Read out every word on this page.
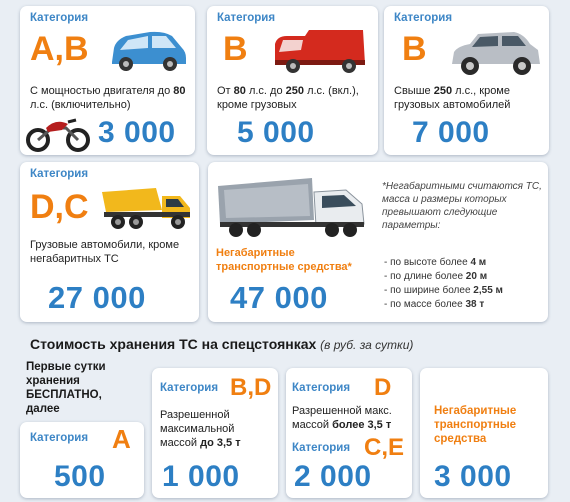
Категория
A,B
С мощностью двигателя до 80 л.с. (включительно)
3 000
Категория
B
От 80 л.с. до 250 л.с. (вкл.), кроме грузовых
5 000
Категория
B
Свыше 250 л.с., кроме грузовых автомобилей
7 000
Категория
D,C
Грузовые автомобили, кроме негабаритных ТС
27 000
Негабаритные транспортные средства*
47 000
*Негабаритными считаются ТС, масса и размеры которых превышают следующие параметры:
- по высоте более 4 м
- по длине более 20 м
- по ширине более 2,55 м
- по массе более 38 т
Стоимость хранения ТС на спецстоянках (в руб. за сутки)
Первые сутки хранения БЕСПЛАТНО, далее
Категория A
500
Категория B,D
Разрешенной максимальной массой до 3,5 т
1 000
Категория D
Разрешенной макс. массой более 3,5 т
Категория C,E
2 000
Негабаритные транспортные средства
3 000
